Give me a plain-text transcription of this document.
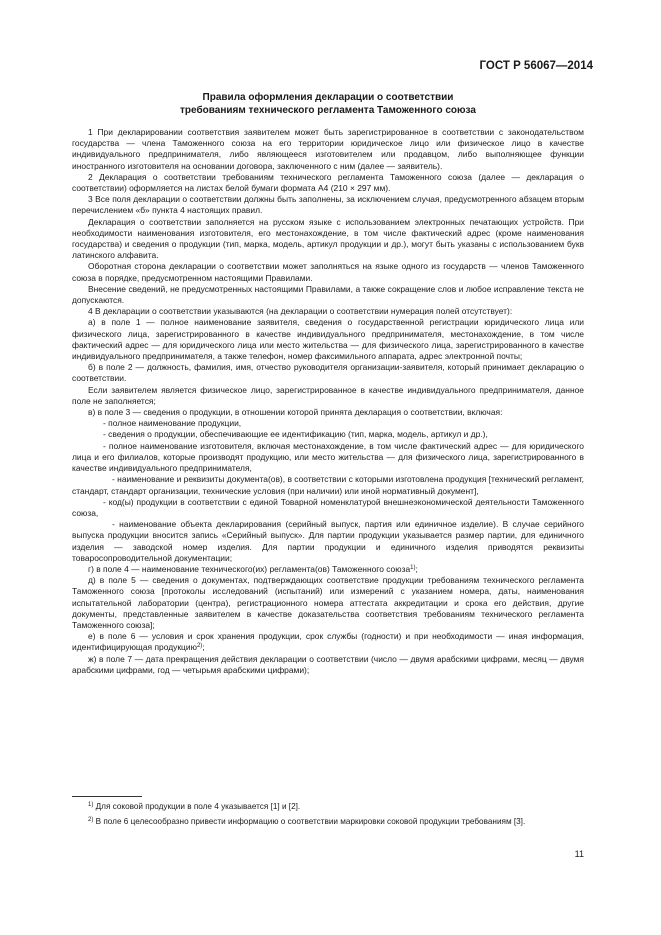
ГОСТ Р 56067—2014
Правила оформления декларации о соответствии
требованиям технического регламента Таможенного союза

1 При декларировании соответствия заявителем может быть зарегистрированное в соответствии с законодательством государства — члена Таможенного союза на его территории юридическое лицо или физическое лицо в качестве индивидуального предпринимателя, либо являющееся изготовителем или продавцом, либо выполняющее функции иностранного изготовителя на основании договора, заключенного с ним (далее — заявитель).

2 Декларация о соответствии требованиям технического регламента Таможенного союза (далее — декларация о соответствии) оформляется на листах белой бумаги формата А4 (210 × 297 мм).

3 Все поля декларации о соответствии должны быть заполнены, за исключением случая, предусмотренного абзацем вторым перечислением «б» пункта 4 настоящих правил.

Декларация о соответствии заполняется на русском языке с использованием электронных печатающих устройств. При необходимости наименования изготовителя, его местонахождение, в том числе фактический адрес (кроме наименования государства) и сведения о продукции (тип, марка, модель, артикул продукции и др.), могут быть указаны с использованием букв латинского алфавита.

Оборотная сторона декларации о соответствии может заполняться на языке одного из государств — членов Таможенного союза в порядке, предусмотренном настоящими Правилами.

Внесение сведений, не предусмотренных настоящими Правилами, а также сокращение слов и любое исправление текста не допускаются.

4 В декларации о соответствии указываются (на декларации о соответствии нумерация полей отсутствует):

а) в поле 1 — полное наименование заявителя, сведения о государственной регистрации юридического лица или физического лица, зарегистрированного в качестве индивидуального предпринимателя, местонахождение, в том числе фактический адрес — для юридического лица или место жительства — для физического лица, зарегистрированного в качестве индивидуального предпринимателя, а также телефон, номер факсимильного аппарата, адрес электронной почты;

б) в поле 2 — должность, фамилия, имя, отчество руководителя организации-заявителя, который принимает декларацию о соответствии.

Если заявителем является физическое лицо, зарегистрированное в качестве индивидуального предпринимателя, данное поле не заполняется;

в) в поле 3 — сведения о продукции, в отношении которой принята декларация о соответствии, включая:

- полное наименование продукции,

- сведения о продукции, обеспечивающие ее идентификацию (тип, марка, модель, артикул и др.),

- полное наименование изготовителя, включая местонахождение, в том числе фактический адрес — для юридического лица и его филиалов, которые производят продукцию, или место жительства — для физического лица, зарегистрированного в качестве индивидуального предпринимателя,

- наименование и реквизиты документа(ов), в соответствии с которыми изготовлена продукция [технический регламент, стандарт, стандарт организации, технические условия (при наличии) или иной нормативный документ],

- код(ы) продукции в соответствии с единой Товарной номенклатурой внешнеэкономической деятельности Таможенного союза,

- наименование объекта декларирования (серийный выпуск, партия или единичное изделие). В случае серийного выпуска продукции вносится запись «Серийный выпуск». Для партии продукции указывается размер партии, для единичного изделия — заводской номер изделия. Для партии продукции и единичного изделия приводятся реквизиты товаросопроводительной документации;

г) в поле 4 — наименование технического(их) регламента(ов) Таможенного союза$^{1)}$;

д) в поле 5 — сведения о документах, подтверждающих соответствие продукции требованиям технического регламента Таможенного союза [протоколы исследований (испытаний) или измерений с указанием номера, даты, наименования испытательной лаборатории (центра), регистрационного номера аттестата аккредитации и срока его действия, другие документы, представленные заявителем в качестве доказательства соответствия требованиям технического регламента Таможенного союза];

е) в поле 6 — условия и срок хранения продукции, срок службы (годности) и при необходимости — иная информация, идентифицирующая продукцию$^{2)}$;

ж) в поле 7 — дата прекращения действия декларации о соответствии (число — двумя арабскими цифрами, месяц — двумя арабскими цифрами, год — четырьмя арабскими цифрами);

$^{1)}$ Для соковой продукции в поле 4 указывается [1] и [2].

$^{2)}$ В поле 6 целесообразно привести информацию о соответствии маркировки соковой продукции требованиям [3].

11
